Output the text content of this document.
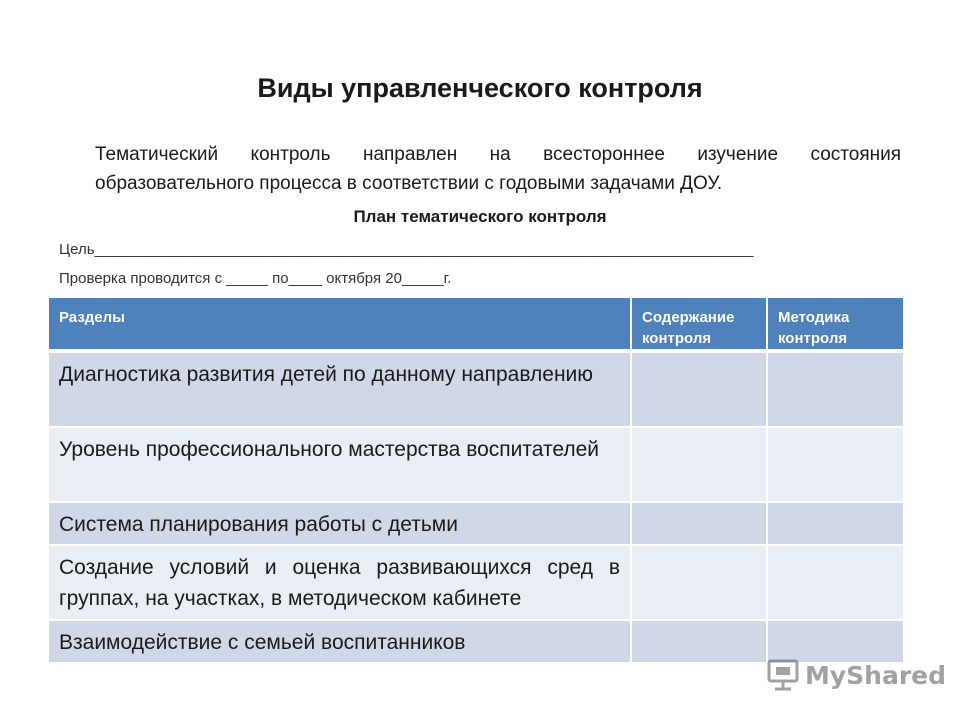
Виды управленческого контроля
Тематический контроль направлен на всестороннее изучение состояния образовательного процесса в соответствии с годовыми задачами ДОУ.
План тематического контроля
Цель_______________________________________________________________________________
Проверка проводится с _____ по____ октября 20_____г.
Разделы	Содержание контроля	Методика контроля
Диагностика развития детей по данному направлению		
Уровень профессионального мастерства воспитателей		
Система планирования работы с детьми		
Создание условий и оценка развивающихся сред в группах, на участках, в методическом кабинете		
Взаимодействие с семьей воспитанников		
MyShared
